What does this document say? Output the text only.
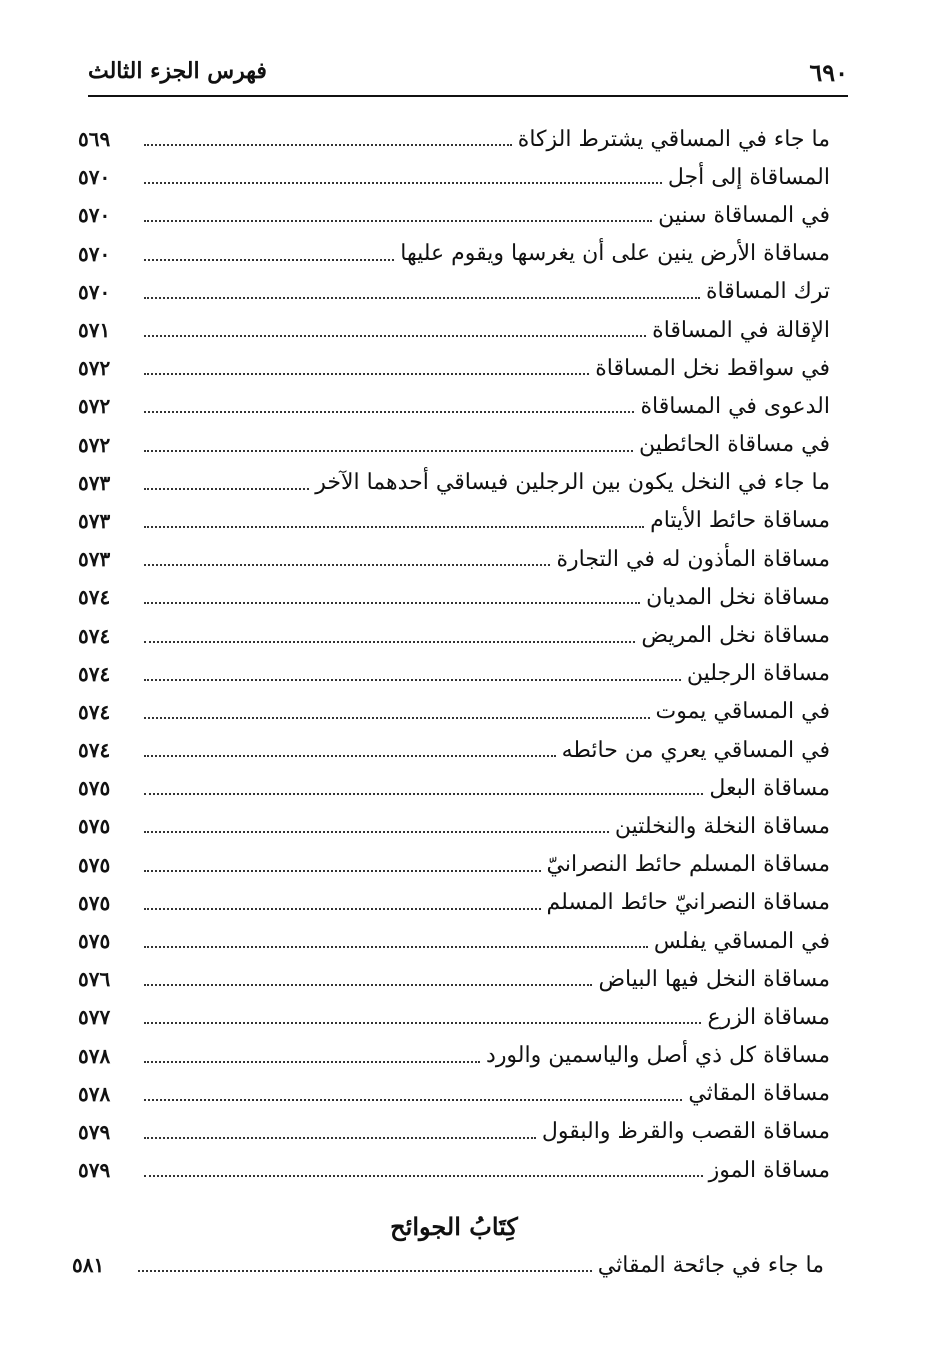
٦٩٠
فهرس الجزء الثالث
ما جاء في المساقي يشترط الزكاة
٥٦٩
المساقاة إلى أجل
٥٧٠
في المساقاة سنين
٥٧٠
مساقاة الأرض ينين على أن يغرسها ويقوم عليها
٥٧٠
ترك المساقاة
٥٧٠
الإقالة في المساقاة
٥٧١
في سواقط نخل المساقاة
٥٧٢
الدعوى في المساقاة
٥٧٢
في مساقاة الحائطين
٥٧٢
ما جاء في النخل يكون بين الرجلين فيساقي أحدهما الآخر
٥٧٣
مساقاة حائط الأيتام
٥٧٣
مساقاة المأذون له في التجارة
٥٧٣
مساقاة نخل المديان
٥٧٤
مساقاة نخل المريض
٥٧٤
مساقاة الرجلين
٥٧٤
في المساقي يموت
٥٧٤
في المساقي يعري من حائطه
٥٧٤
مساقاة البعل
٥٧٥
مساقاة النخلة والنخلتين
٥٧٥
مساقاة المسلم حائط النصرانيّ
٥٧٥
مساقاة النصرانيّ حائط المسلم
٥٧٥
في المساقي يفلس
٥٧٥
مساقاة النخل فيها البياض
٥٧٦
مساقاة الزرع
٥٧٧
مساقاة كل ذي أصل والياسمين والورد
٥٧٨
مساقاة المقاثي
٥٧٨
مساقاة القصب والقرظ والبقول
٥٧٩
مساقاة الموز
٥٧٩
كِتَابُ الجوائح
ما جاء في جائحة المقاثي
٥٨١
